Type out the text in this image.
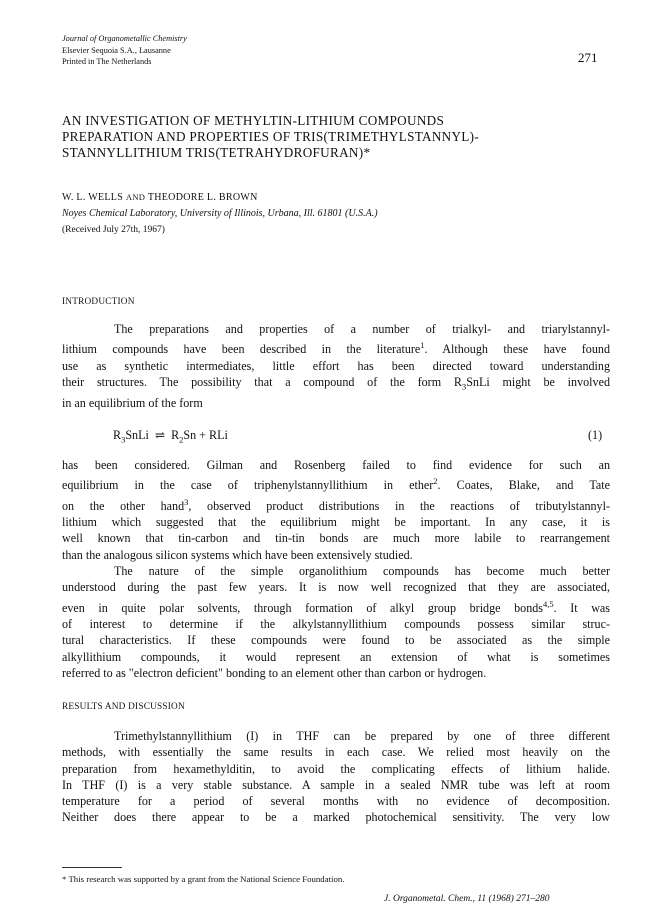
Journal of Organometallic Chemistry
Elsevier Sequoia S.A., Lausanne
Printed in The Netherlands	271
AN INVESTIGATION OF METHYLTIN-LITHIUM COMPOUNDS
PREPARATION AND PROPERTIES OF TRIS(TRIMETHYLSTANNYL)-
STANNYLLITHIUM TRIS(TETRAHYDROFURAN)*
W. L. WELLS AND THEODORE L. BROWN
Noyes Chemical Laboratory, University of Illinois, Urbana, Ill. 61801 (U.S.A.)
(Received July 27th, 1967)
INTRODUCTION
The preparations and properties of a number of trialkyl- and triarylstannyl-
lithium compounds have been described in the literature$^1$. Although these have found
use as synthetic intermediates, little effort has been directed toward understanding
their structures. The possibility that a compound of the form $R_3SnLi$ might be involved
in an equilibrium of the form
$R_3SnLi$ ⇌ $R_2Sn$ + RLi	(1)
has been considered. Gilman and Rosenberg failed to find evidence for such an
equilibrium in the case of triphenylstannyllithium in ether$^2$. Coates, Blake, and Tate
on the other hand$^3$, observed product distributions in the reactions of tributylstannyl-
lithium which suggested that the equilibrium might be important. In any case, it is
well known that tin-carbon and tin-tin bonds are much more labile to rearrangement
than the analogous silicon systems which have been extensively studied.
The nature of the simple organolithium compounds has become much better
understood during the past few years. It is now well recognized that they are associated,
even in quite polar solvents, through formation of alkyl group bridge bonds$^{4,5}$. It was
of interest to determine if the alkylstannyllithium compounds possess similar struc-
tural characteristics. If these compounds were found to be associated as the simple
alkyllithium compounds, it would represent an extension of what is sometimes
referred to as "electron deficient" bonding to an element other than carbon or hydrogen.
RESULTS AND DISCUSSION
Trimethylstannyllithium (I) in THF can be prepared by one of three different
methods, with essentially the same results in each case. We relied most heavily on the
preparation from hexamethylditin, to avoid the complicating effects of lithium halide.
In THF (I) is a very stable substance. A sample in a sealed NMR tube was left at room
temperature for a period of several months with no evidence of decomposition.
Neither does there appear to be a marked photochemical sensitivity. The very low
* This research was supported by a grant from the National Science Foundation.
J. Organometal. Chem., 11 (1968) 271–280
